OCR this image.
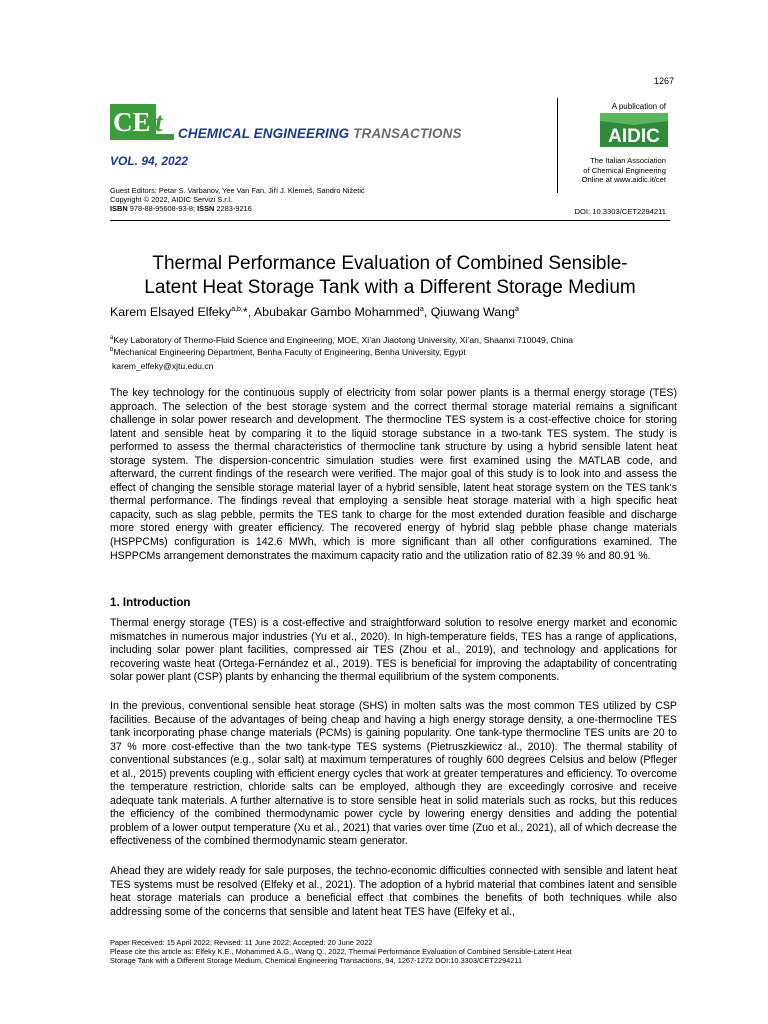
1267
CE t CHEMICAL ENGINEERING TRANSACTIONS
VOL. 94, 2022
A publication of
AIDIC
The Italian Association
of Chemical Engineering
Online at www.aidic.it/cet
Guest Editors: Petar S. Varbanov, Yee Van Fan, Jiří J. Klemeš, Sandro Nižetić
Copyright © 2022, AIDIC Servizi S.r.l.
ISBN 978-88-95608-93-8; ISSN 2283-9216	DOI: 10.3303/CET2294211
Thermal Performance Evaluation of Combined Sensible-
Latent Heat Storage Tank with a Different Storage Medium
Karem Elsayed Elfeky$^{a,b,}$*, Abubakar Gambo Mohammed$^a$, Qiuwang Wang$^a$
$^a$Key Laboratory of Thermo-Fluid Science and Engineering, MOE, Xi’an Jiaotong University, Xi’an, Shaanxi 710049, China
$^b$Mechanical Engineering Department, Benha Faculty of Engineering, Benha University, Egypt
karem_elfeky@xjtu.edu.cn

The key technology for the continuous supply of electricity from solar power plants is a thermal energy storage (TES) approach. The selection of the best storage system and the correct thermal storage material remains a significant challenge in solar power research and development. The thermocline TES system is a cost-effective choice for storing latent and sensible heat by comparing it to the liquid storage substance in a two-tank TES system. The study is performed to assess the thermal characteristics of thermocline tank structure by using a hybrid sensible latent heat storage system. The dispersion-concentric simulation studies were first examined using the MATLAB code, and afterward, the current findings of the research were verified. The major goal of this study is to look into and assess the effect of changing the sensible storage material layer of a hybrid sensible, latent heat storage system on the TES tank's thermal performance. The findings reveal that employing a sensible heat storage material with a high specific heat capacity, such as slag pebble, permits the TES tank to charge for the most extended duration feasible and discharge more stored energy with greater efficiency. The recovered energy of hybrid slag pebble phase change materials (HSPPCMs) configuration is 142.6 MWh, which is more significant than all other configurations examined. The HSPPCMs arrangement demonstrates the maximum capacity ratio and the utilization ratio of 82.39 % and 80.91 %.

1. Introduction

Thermal energy storage (TES) is a cost-effective and straightforward solution to resolve energy market and economic mismatches in numerous major industries (Yu et al., 2020). In high-temperature fields, TES has a range of applications, including solar power plant facilities, compressed air TES (Zhou et al., 2019), and technology and applications for recovering waste heat (Ortega-Fernández et al., 2019). TES is beneficial for improving the adaptability of concentrating solar power plant (CSP) plants by enhancing the thermal equilibrium of the system components.

In the previous, conventional sensible heat storage (SHS) in molten salts was the most common TES utilized by CSP facilities. Because of the advantages of being cheap and having a high energy storage density, a one-thermocline TES tank incorporating phase change materials (PCMs) is gaining popularity. One tank-type thermocline TES units are 20 to 37 % more cost-effective than the two tank-type TES systems (Pietruszkiewicz al., 2010). The thermal stability of conventional substances (e.g., solar salt) at maximum temperatures of roughly 600 degrees Celsius and below (Pfleger et al., 2015) prevents coupling with efficient energy cycles that work at greater temperatures and efficiency. To overcome the temperature restriction, chloride salts can be employed, although they are exceedingly corrosive and receive adequate tank materials. A further alternative is to store sensible heat in solid materials such as rocks, but this reduces the efficiency of the combined thermodynamic power cycle by lowering energy densities and adding the potential problem of a lower output temperature (Xu et al., 2021) that varies over time (Zuo et al., 2021), all of which decrease the effectiveness of the combined thermodynamic steam generator.

Ahead they are widely ready for sale purposes, the techno-economic difficulties connected with sensible and latent heat TES systems must be resolved (Elfeky et al., 2021). The adoption of a hybrid material that combines latent and sensible heat storage materials can produce a beneficial effect that combines the benefits of both techniques while also addressing some of the concerns that sensible and latent heat TES have (Elfeky et al.,

Paper Received: 15 April 2022; Revised: 11 June 2022; Accepted: 20 June 2022
Please cite this article as: Elfeky K.E., Mohammed A.G., Wang Q., 2022, Thermal Performance Evaluation of Combined Sensible-Latent Heat
Storage Tank with a Different Storage Medium, Chemical Engineering Transactions, 94, 1267-1272 DOI:10.3303/CET2294211
